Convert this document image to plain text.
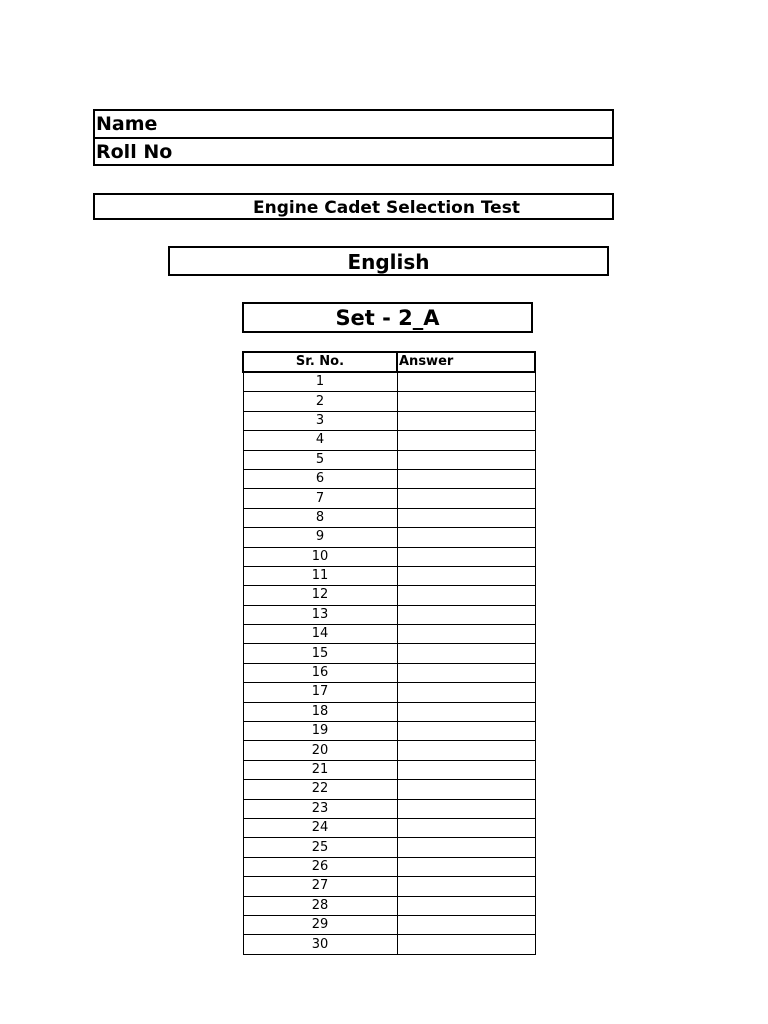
Name
Roll No
Engine Cadet Selection Test
English
Set - 2_A
Sr. No.	Answer
1	
2	
3	
4	
5	
6	
7	
8	
9	
10	
11	
12	
13	
14	
15	
16	
17	
18	
19	
20	
21	
22	
23	
24	
25	
26	
27	
28	
29	
30	
